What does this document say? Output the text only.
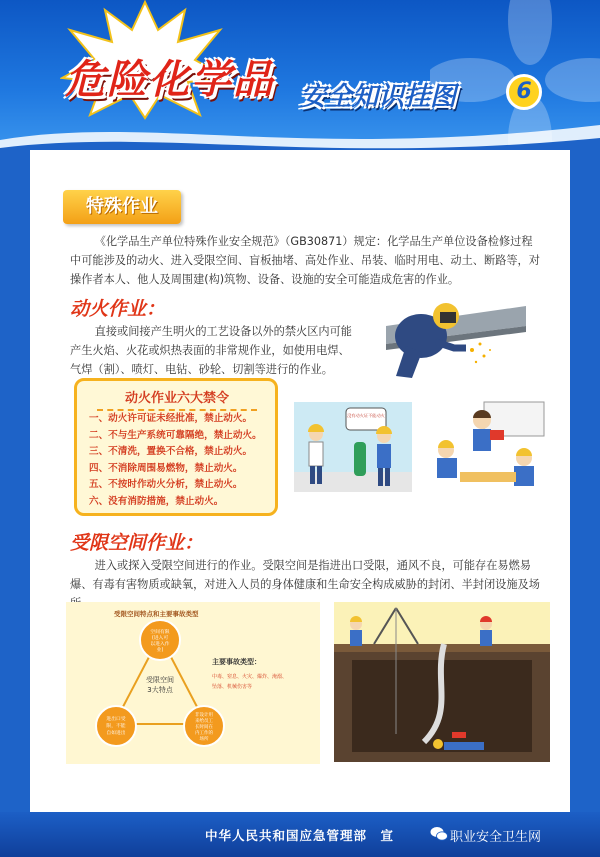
危险化学品 安全知识挂图	6
特殊作业

《化学品生产单位特殊作业安全规范》（GB30871）规定：化学品生产单位设备检修过程中可能涉及的动火、进入受限空间、盲板抽堵、高处作业、吊装、临时用电、动土、断路等，对操作者本人、他人及周围建(构)筑物、设备、设施的安全可能造成危害的作业。

动火作业：

直接或间接产生明火的工艺设备以外的禁火区内可能产生火焰、火花或炽热表面的非常规作业，如使用电焊、气焊（割）、喷灯、电钻、砂轮、切割等进行的作业。

动火作业六大禁令
一、动火许可证未经批准，禁止动火。
二、不与生产系统可靠隔绝，禁止动火。
三、不清洗，置换不合格，禁止动火。
四、不消除周围易燃物，禁止动火。
五、不按时作动火分析，禁止动火。
六、没有消防措施，禁止动火。
没有动火证不能动火
受限空间作业：

进入或探入受限空间进行的作业。受限空间是指进出口受限，通风不良，可能存在易燃易爆、有毒有害物质或缺氧，对进入人员的身体健康和生命安全构成威胁的封闭、半封闭设施及场

受限空间特点和主要事故类型
受限空间
3大特点
空间有限
(进入可
以进入作
业)
进出口受
限，不能
自如进出
非设计用
来给员工
长时间在
内工作的
场所
主要事故类型：
中毒、窒息、火灾、爆炸、淹溺、
坠落、机械伤害等
中华人民共和国应急管理部　宣	职业安全卫生网
